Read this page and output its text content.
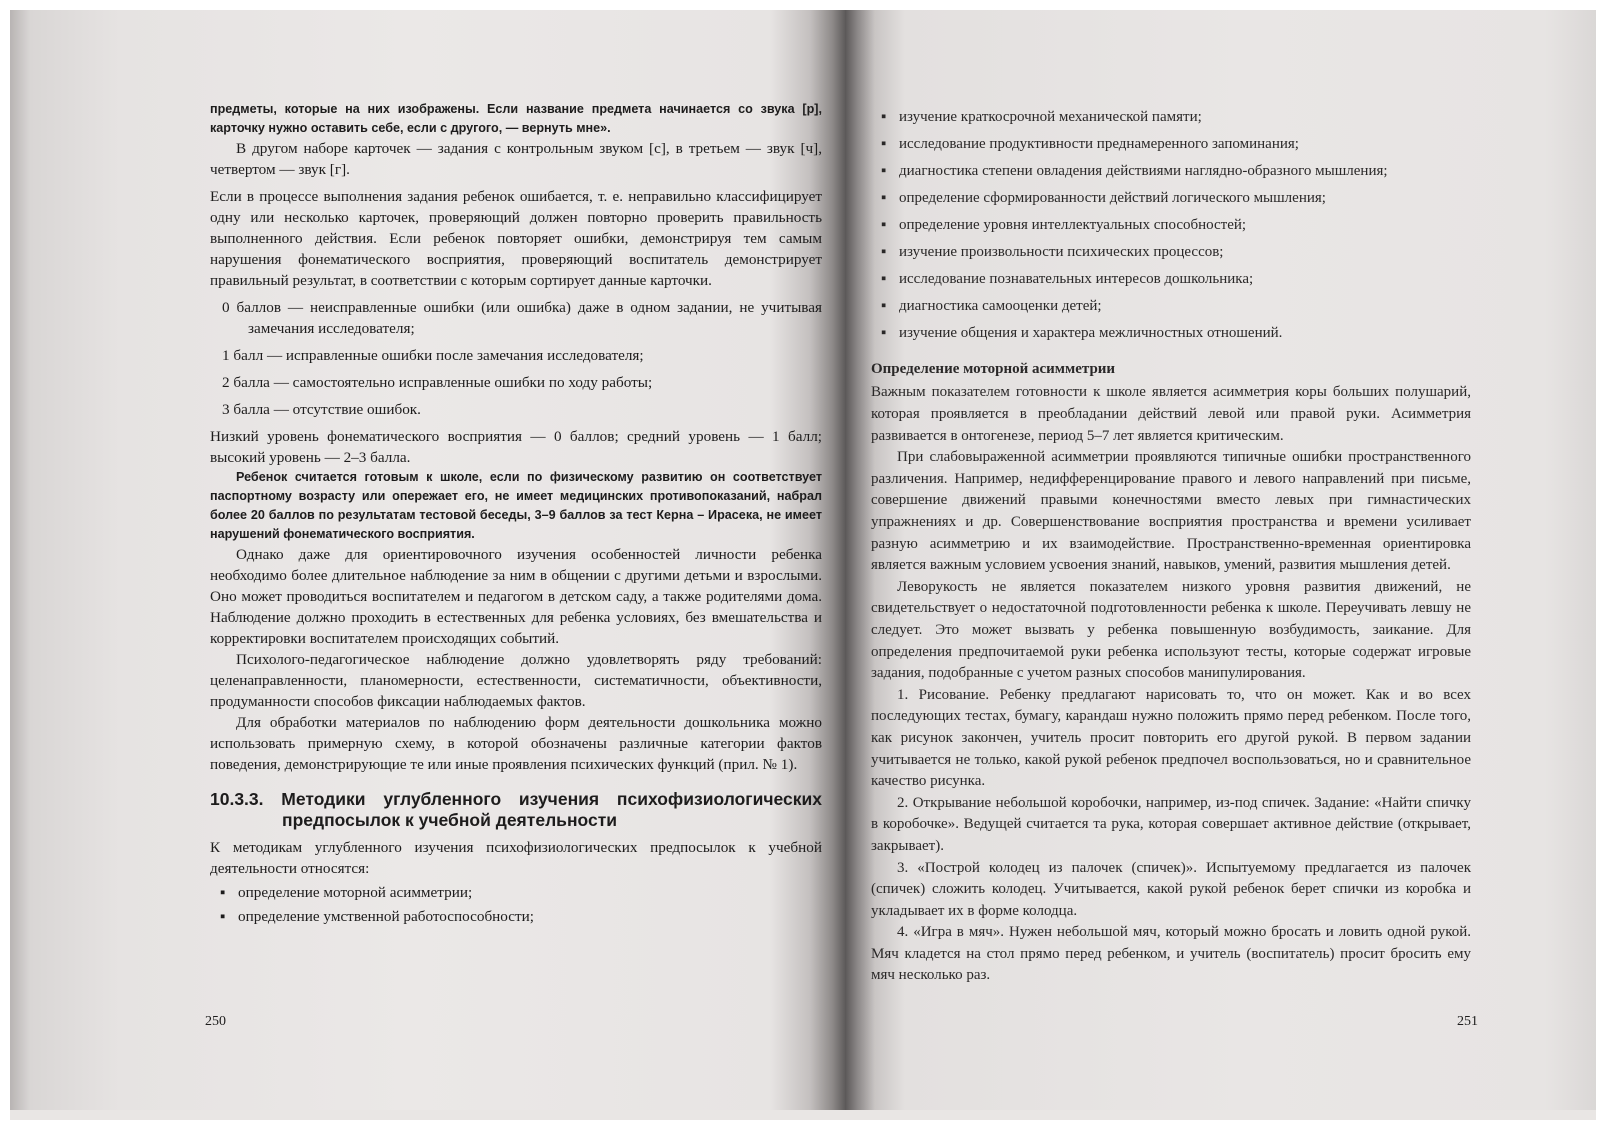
предметы, которые на них изображены. Если название предмета начинается со звука [р], карточку нужно оставить себе, если с другого, — вернуть мне».

В другом наборе карточек — задания с контрольным звуком [с], в третьем — звук [ч], четвертом — звук [г].

Если в процессе выполнения задания ребенок ошибается, т. е. неправильно классифицирует одну или несколько карточек, проверяющий должен повторно проверить правильность выполненного действия. Если ребенок повторяет ошибки, демонстрируя тем самым нарушения фонематического восприятия, проверяющий воспитатель демонстрирует правильный результат, в соответствии с которым сортирует данные карточки.

0 баллов — неисправленные ошибки (или ошибка) даже в одном задании, не учитывая замечания исследователя;

1 балл — исправленные ошибки после замечания исследователя;

2 балла — самостоятельно исправленные ошибки по ходу работы;

3 балла — отсутствие ошибок.

Низкий уровень фонематического восприятия — 0 баллов; средний уровень — 1 балл; высокий уровень — 2–3 балла.

Ребенок считается готовым к школе, если по физическому развитию он соответствует паспортному возрасту или опережает его, не имеет медицинских противопоказаний, набрал более 20 баллов по результатам тестовой беседы, 3–9 баллов за тест Керна – Ирасека, не имеет нарушений фонематического восприятия.

Однако даже для ориентировочного изучения особенностей личности ребенка необходимо более длительное наблюдение за ним в общении с другими детьми и взрослыми. Оно может проводиться воспитателем и педагогом в детском саду, а также родителями дома. Наблюдение должно проходить в естественных для ребенка условиях, без вмешательства и корректировки воспитателем происходящих событий.

Психолого-педагогическое наблюдение должно удовлетворять ряду требований: целенаправленности, планомерности, естественности, систематичности, объективности, продуманности способов фиксации наблюдаемых фактов.

Для обработки материалов по наблюдению форм деятельности дошкольника можно использовать примерную схему, в которой обозначены различные категории фактов поведения, демонстрирующие те или иные проявления психических функций (прил. № 1).

10.3.3. Методики углубленного изучения психофизиологических предпосылок к учебной деятельности

К методикам углубленного изучения психофизиологических предпосылок к учебной деятельности относятся:

▪ определение моторной асимметрии;
▪ определение умственной работоспособности;
250
▪ изучение краткосрочной механической памяти;
▪ исследование продуктивности преднамеренного запоминания;
▪ диагностика степени овладения действиями наглядно-образного мышления;
▪ определение сформированности действий логического мышления;
▪ определение уровня интеллектуальных способностей;
▪ изучение произвольности психических процессов;
▪ исследование познавательных интересов дошкольника;
▪ диагностика самооценки детей;
▪ изучение общения и характера межличностных отношений.
Определение моторной асимметрии

Важным показателем готовности к школе является асимметрия коры больших полушарий, которая проявляется в преобладании действий левой или правой руки. Асимметрия развивается в онтогенезе, период 5–7 лет является критическим.

При слабовыраженной асимметрии проявляются типичные ошибки пространственного различения. Например, недифференцирование правого и левого направлений при письме, совершение движений правыми конечностями вместо левых при гимнастических упражнениях и др. Совершенствование восприятия пространства и времени усиливает разную асимметрию и их взаимодействие. Пространственно-временная ориентировка является важным условием усвоения знаний, навыков, умений, развития мышления детей.

Леворукость не является показателем низкого уровня развития движений, не свидетельствует о недостаточной подготовленности ребенка к школе. Переучивать левшу не следует. Это может вызвать у ребенка повышенную возбудимость, заикание. Для определения предпочитаемой руки ребенка используют тесты, которые содержат игровые задания, подобранные с учетом разных способов манипулирования.

1. Рисование. Ребенку предлагают нарисовать то, что он может. Как и во всех последующих тестах, бумагу, карандаш нужно положить прямо перед ребенком. После того, как рисунок закончен, учитель просит повторить его другой рукой. В первом задании учитывается не только, какой рукой ребенок предпочел воспользоваться, но и сравнительное качество рисунка.

2. Открывание небольшой коробочки, например, из-под спичек. Задание: «Найти спичку в коробочке». Ведущей считается та рука, которая совершает активное действие (открывает, закрывает).

3. «Построй колодец из палочек (спичек)». Испытуемому предлагается из палочек (спичек) сложить колодец. Учитывается, какой рукой ребенок берет спички из коробка и укладывает их в форме колодца.

4. «Игра в мяч». Нужен небольшой мяч, который можно бросать и ловить одной рукой. Мяч кладется на стол прямо перед ребенком, и учитель (воспитатель) просит бросить ему мяч несколько раз.

251
